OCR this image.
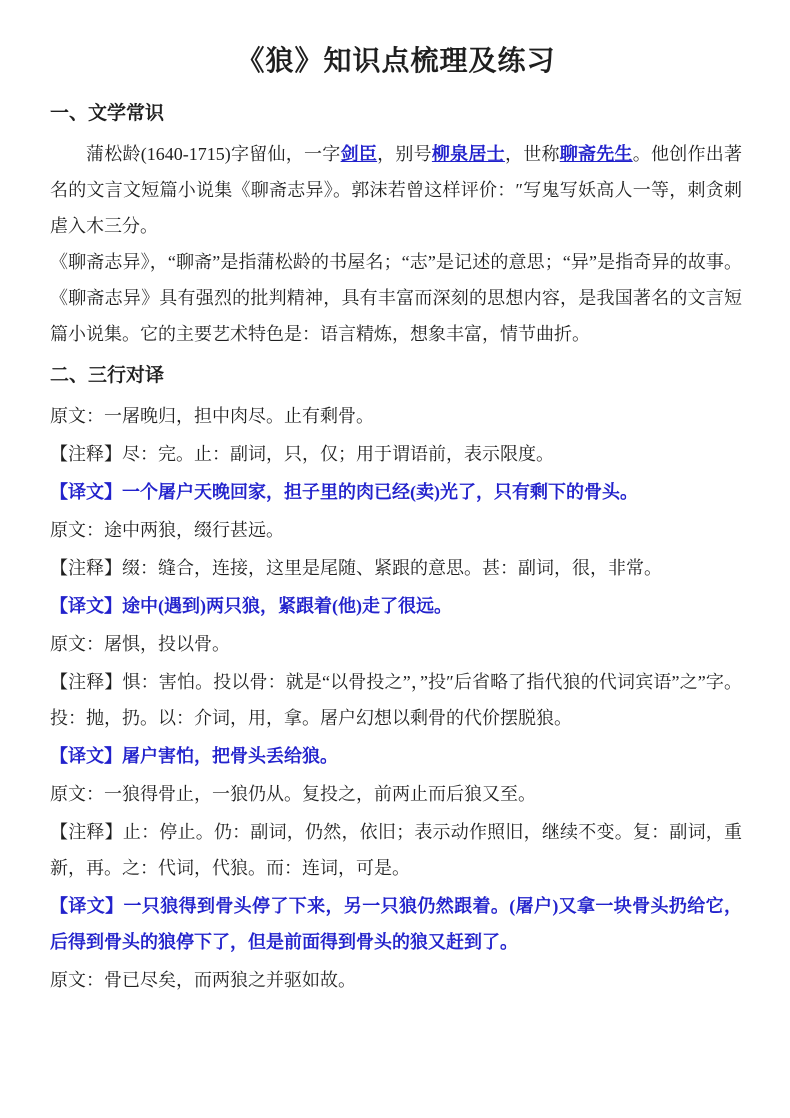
《狼》知识点梳理及练习
一、文学常识

蒲松龄(1640-1715)字留仙，一字剑臣，别号柳泉居士，世称聊斋先生。他创作出著名的文言文短篇小说集《聊斋志异》。郭沫若曾这样评价：″写鬼写妖高人一等，刺贪刺虐入木三分。

《聊斋志异》，“聊斋”是指蒲松龄的书屋名；“志”是记述的意思；“异”是指奇异的故事。《聊斋志异》具有强烈的批判精神，具有丰富而深刻的思想内容，是我国著名的文言短篇小说集。它的主要艺术特色是：语言精炼，想象丰富，情节曲折。

二、三行对译

原文：一屠晚归，担中肉尽。止有剩骨。

【注释】尽：完。止：副词，只，仅；用于谓语前，表示限度。

【译文】一个屠户天晚回家，担子里的肉已经(卖)光了，只有剩下的骨头。

原文：途中两狼，缀行甚远。

【注释】缀：缝合，连接，这里是尾随、紧跟的意思。甚：副词，很，非常。

【译文】途中(遇到)两只狼，紧跟着(他)走了很远。

原文：屠惧，投以骨。

【注释】惧：害怕。投以骨：就是“以骨投之”，”投″后省略了指代狼的代词宾语”之”字。投：抛，扔。以：介词，用，拿。屠户幻想以剩骨的代价摆脱狼。

【译文】屠户害怕，把骨头丢给狼。

原文：一狼得骨止，一狼仍从。复投之，前两止而后狼又至。

【注释】止：停止。仍：副词，仍然，依旧；表示动作照旧，继续不变。复：副词，重新，再。之：代词，代狼。而：连词，可是。

【译文】一只狼得到骨头停了下来，另一只狼仍然跟着。(屠户)又拿一块骨头扔给它，后得到骨头的狼停下了，但是前面得到骨头的狼又赶到了。

原文：骨已尽矣，而两狼之并驱如故。
